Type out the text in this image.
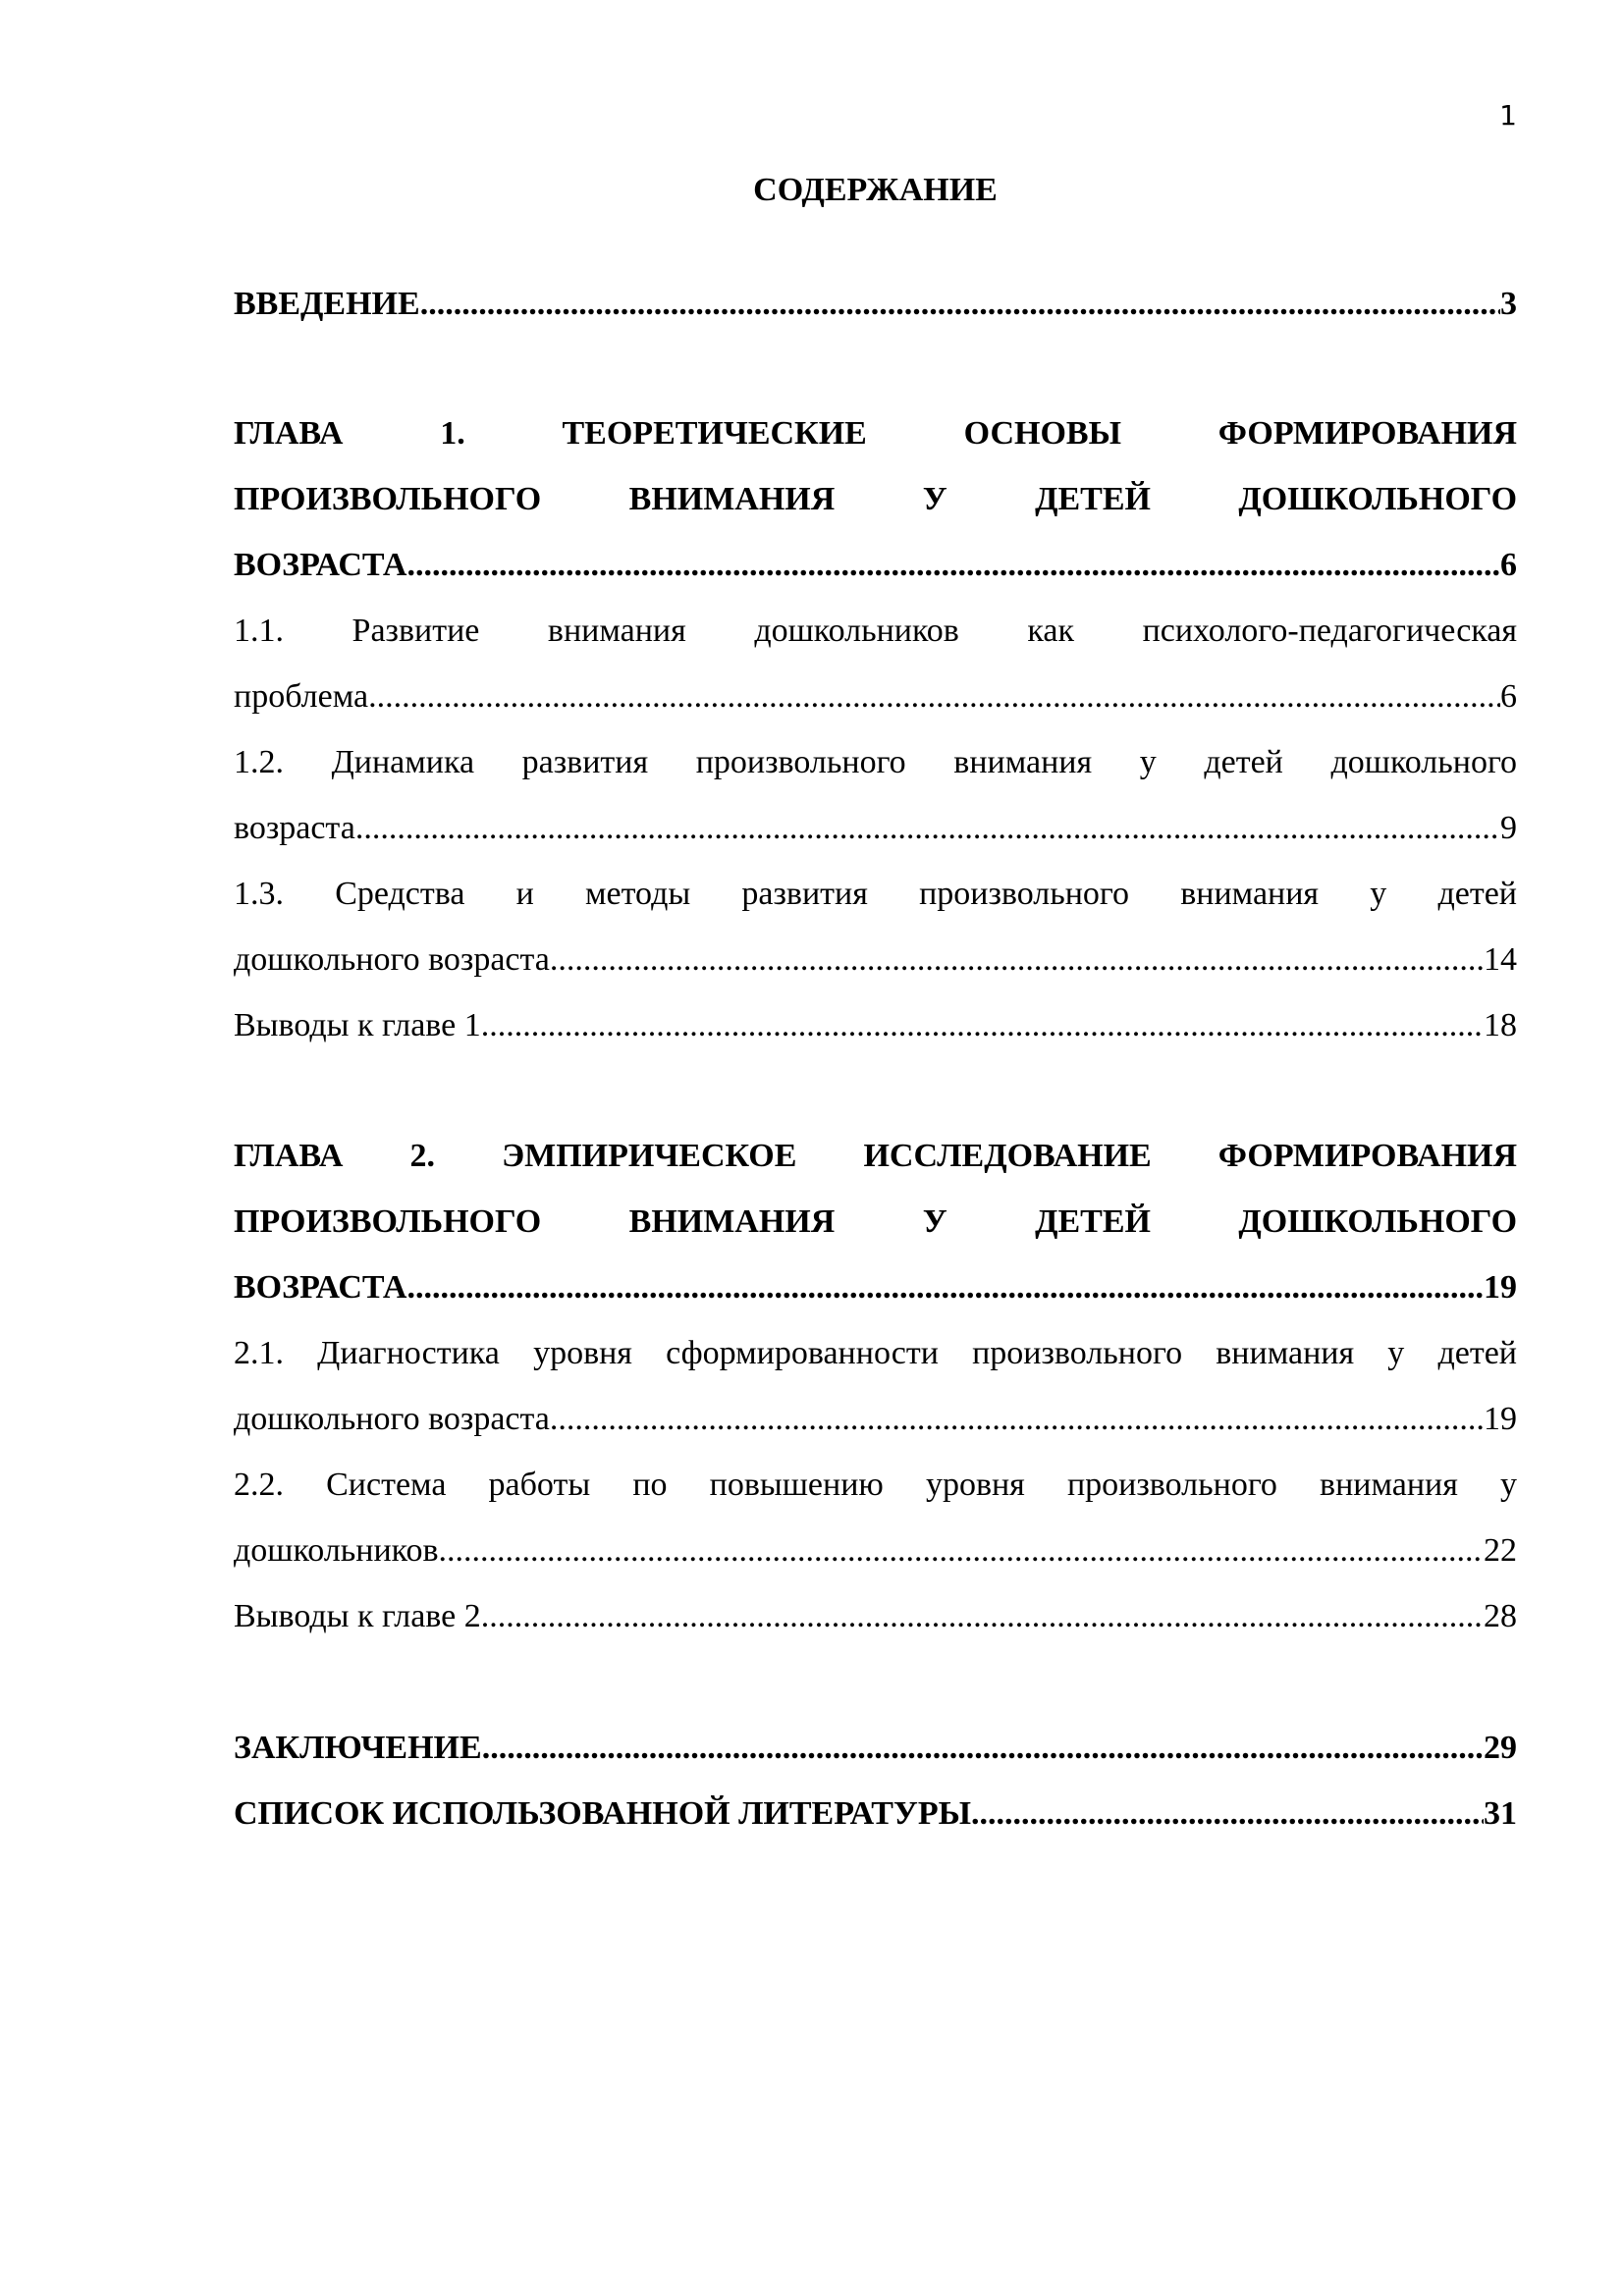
1
СОДЕРЖАНИЕ
ВВЕДЕНИЕ .....	3
ГЛАВА 1.	ТЕОРЕТИЧЕСКИЕ	ОСНОВЫ	ФОРМИРОВАНИЯ
ПРОИЗВОЛЬНОГО	ВНИМАНИЯ	У	ДЕТЕЙ	ДОШКОЛЬНОГО
ВОЗРАСТА .....	6
1.1. Развитие внимания дошкольников как психолого-педагогическая
проблема .....	6
1.2. Динамика развития произвольного внимания у детей дошкольного
возраста .....	9
1.3. Средства и методы развития произвольного внимания у детей
дошкольного возраста .....	14
Выводы к главе 1 .....	18
ГЛАВА 2. ЭМПИРИЧЕСКОЕ ИССЛЕДОВАНИЕ ФОРМИРОВАНИЯ
ПРОИЗВОЛЬНОГО	ВНИМАНИЯ	У	ДЕТЕЙ	ДОШКОЛЬНОГО
ВОЗРАСТА .....	19
2.1. Диагностика уровня сформированности произвольного внимания у детей
дошкольного возраста .....	19
2.2. Система работы по повышению уровня произвольного внимания у
дошкольников .....	22
Выводы к главе 2 .....	28
ЗАКЛЮЧЕНИЕ .....	29
СПИСОК ИСПОЛЬЗОВАННОЙ ЛИТЕРАТУРЫ .....	31
